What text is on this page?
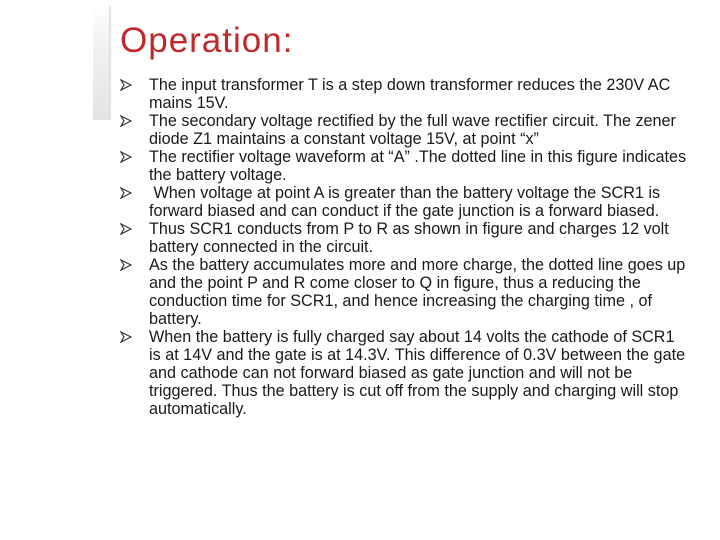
Operation:
The input transformer T is a step down transformer reduces the 230V AC mains 15V.
The secondary voltage rectified by the full wave rectifier circuit. The zener diode Z1 maintains a constant voltage 15V, at point “x”
The rectifier voltage waveform at “A” .The dotted line in this figure indicates the battery voltage.
When voltage at point A is greater than the battery voltage the SCR1 is forward biased and can conduct if the gate junction is a forward biased.
Thus SCR1 conducts from P to R as shown in figure and charges 12 volt battery connected in the circuit.
As the battery accumulates more and more charge, the dotted line goes up and the point P and R come closer to Q in figure, thus a reducing the conduction time for SCR1, and hence increasing the charging time , of battery.
When the battery is fully charged say about 14 volts the cathode of SCR1 is at 14V and the gate is at 14.3V. This difference of 0.3V between the gate and cathode can not forward biased as gate junction and will not be triggered. Thus the battery is cut off from the supply and charging will stop automatically.
